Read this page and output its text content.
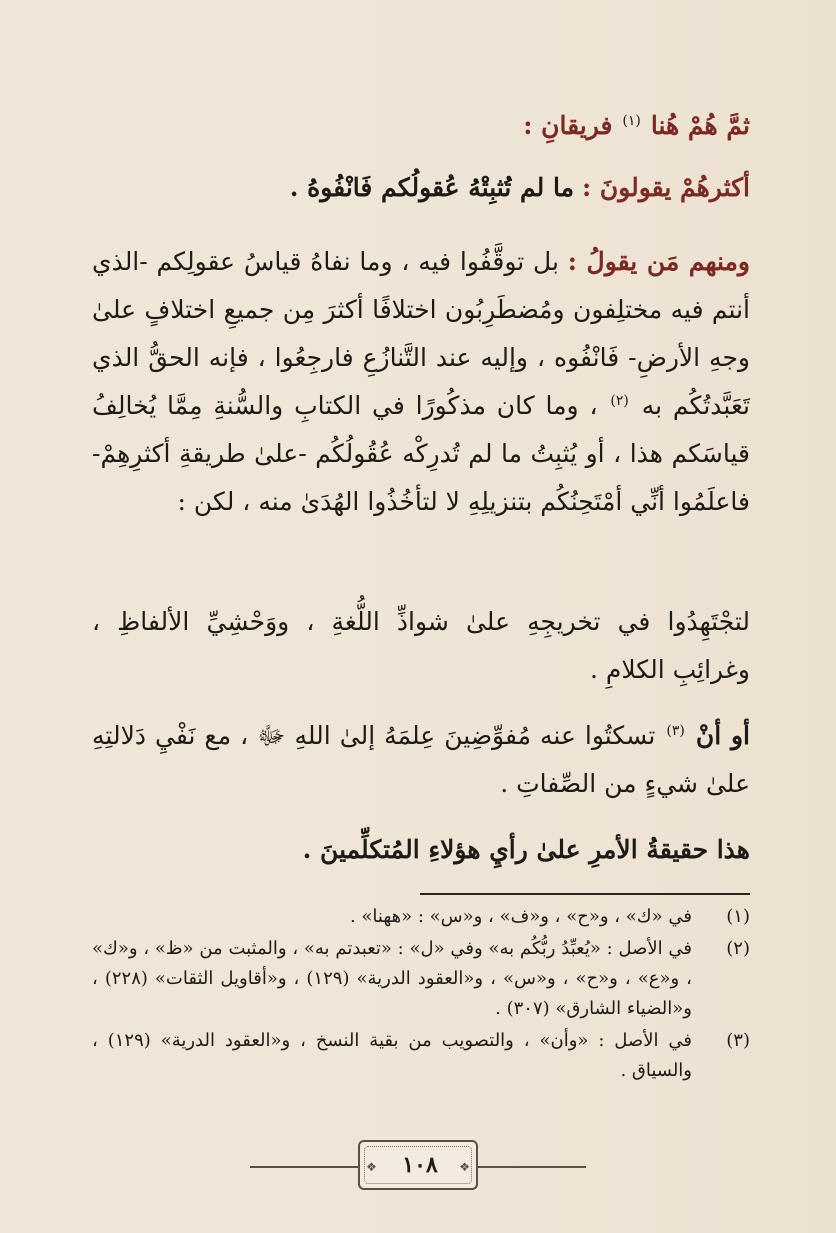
ثمَّ هُمْ هُنا $^{(١)}$ فريقانِ :
أكثرهُمْ يقولونَ : ما لم تُثبِتْهُ عُقولُكم فَانْفُوهُ .
ومنهم مَن يقولُ : بل توقَّفُوا فيه ، وما نفاهُ قياسُ عقولِكم -الذي أنتم فيه مختلِفون ومُضطَرِبُون اختلافًا أكثرَ مِن جميعِ اختلافٍ علىٰ وجهِ الأرضِ- فَانْفُوه ، وإليه عند التَّنازُعِ فارجِعُوا ، فإنه الحقُّ الذي تَعَبَّدتُكُم به $^{(٢)}$ ، وما كان مذكُورًا في الكتابِ والسُّنةِ مِمَّا يُخالِفُ قياسَكم هذا ، أو يُثبِتُ ما لم تُدرِكْه عُقُولُكُم -علىٰ طريقةِ أكثرِهِمْ- فاعلَمُوا أنِّي أمْتَحِنُكُم بتنزيلِهِ لا لتأخُذُوا الهُدَىٰ منه ، لكن :
لتجْتَهِدُوا في تخريجِهِ علىٰ شواذِّ اللُّغةِ ، ووَحْشِيِّ الألفاظِ ، وغرائِبِ الكلامِ .
أو أنْ $^{(٣)}$ تسكتُوا عنه مُفوِّضِينَ عِلمَهُ إلىٰ اللهِ ﷻ ، مع نَفْيِ دَلالتِهِ علىٰ شيءٍ من الصِّفاتِ .
هذا حقيقةُ الأمرِ علىٰ رأيِ هؤلاءِ المُتكلِّمينَ .
(١)
في «ك» ، و«ح» ، و«ف» ، و«س» : «ههنا» .
(٢)
في الأصل : «يُعبِّدُ ربُّكُم به» وفي «ل» : «تعبدتم به» ، والمثبت من «ظ» ، و«ك» ، و«ع» ، و«ح» ، و«س» ، و«العقود الدرية» (١٢٩) ، و«أقاويل الثقات» (٢٢٨) ، و«الضياء الشارق» (٣٠٧) .
(٣)
في الأصل : «وأن» ، والتصويب من بقية النسخ ، و«العقود الدرية» (١٢٩) ، والسياق .
❖	١٠٨	❖
